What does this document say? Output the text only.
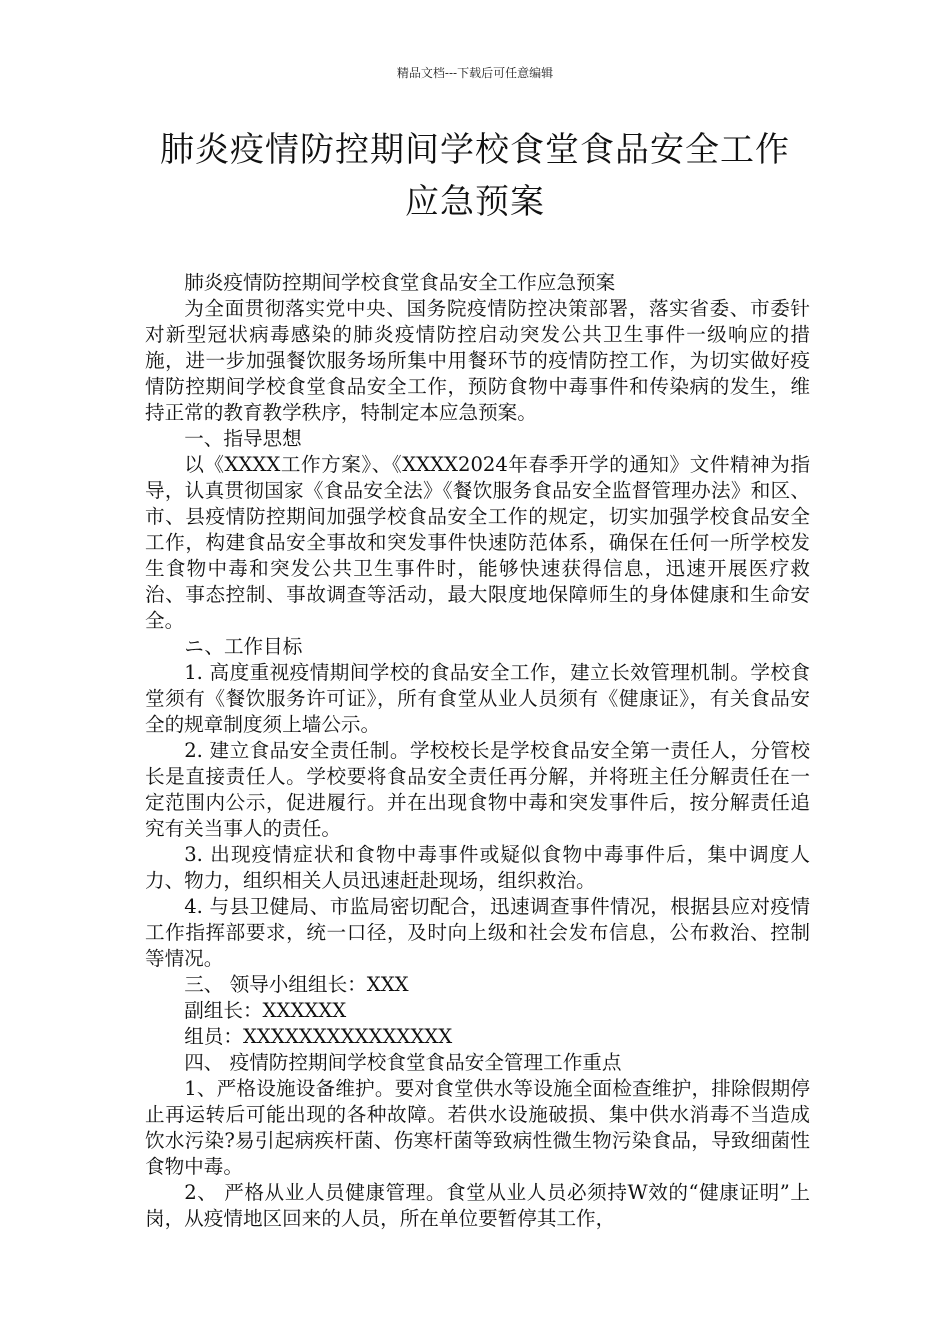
精品文档---下载后可任意编辑
肺炎疫情防控期间学校食堂食品安全工作
应急预案

肺炎疫情防控期间学校食堂食品安全工作应急预案

为全面贯彻落实党中央、国务院疫情防控决策部署，落实省委、市委针对新型冠状病毒感染的肺炎疫情防控启动突发公共卫生事件一级响应的措施，进一步加强餐饮服务场所集中用餐环节的疫情防控工作，为切实做好疫情防控期间学校食堂食品安全工作，预防食物中毒事件和传染病的发生，维持正常的教育教学秩序，特制定本应急预案。

一、指导思想

以《XXXX工作方案》、《XXXX2024年春季开学的通知》文件精神为指导，认真贯彻国家《食品安全法》《餐饮服务食品安全监督管理办法》和区、市、县疫情防控期间加强学校食品安全工作的规定，切实加强学校食品安全工作，构建食品安全事故和突发事件快速防范体系，确保在任何一所学校发生食物中毒和突发公共卫生事件时，能够快速获得信息，迅速开展医疗救治、事态控制、事故调查等活动，最大限度地保障师生的身体健康和生命安全。

ニ、工作目标

1. 高度重视疫情期间学校的食品安全工作，建立长效管理机制。学校食堂须有《餐饮服务许可证》，所有食堂从业人员须有《健康证》，有关食品安全的规章制度须上墙公示。

2. 建立食品安全责任制。学校校长是学校食品安全第一责任人，分管校长是直接责任人。学校要将食品安全责任再分解，并将班主任分解责任在一定范围内公示，促进履行。并在出现食物中毒和突发事件后，按分解责任追究有关当事人的责任。

3. 出现疫情症状和食物中毒事件或疑似食物中毒事件后，集中调度人力、物力，组织相关人员迅速赶赴现场，组织救治。

4. 与县卫健局、市监局密切配合，迅速调查事件情况，根据县应对疫情工作指挥部要求，统一口径，及时向上级和社会发布信息，公布救治、控制等情况。

三、 领导小组组长：XXX

副组长：XXXXXX

组员：XXXXXXXXXXXXXXX

四、 疫情防控期间学校食堂食品安全管理工作重点

1、严格设施设备维护。要对食堂供水等设施全面检查维护，排除假期停止再运转后可能出现的各种故障。若供水设施破损、集中供水消毒不当造成饮水污染?易引起病疾杆菌、伤寒杆菌等致病性微生物污染食品，导致细菌性食物中毒。

2、 严格从业人员健康管理。食堂从业人员必须持W效的“健康证明”上岗，从疫情地区回来的人员，所在单位要暂停其工作，
